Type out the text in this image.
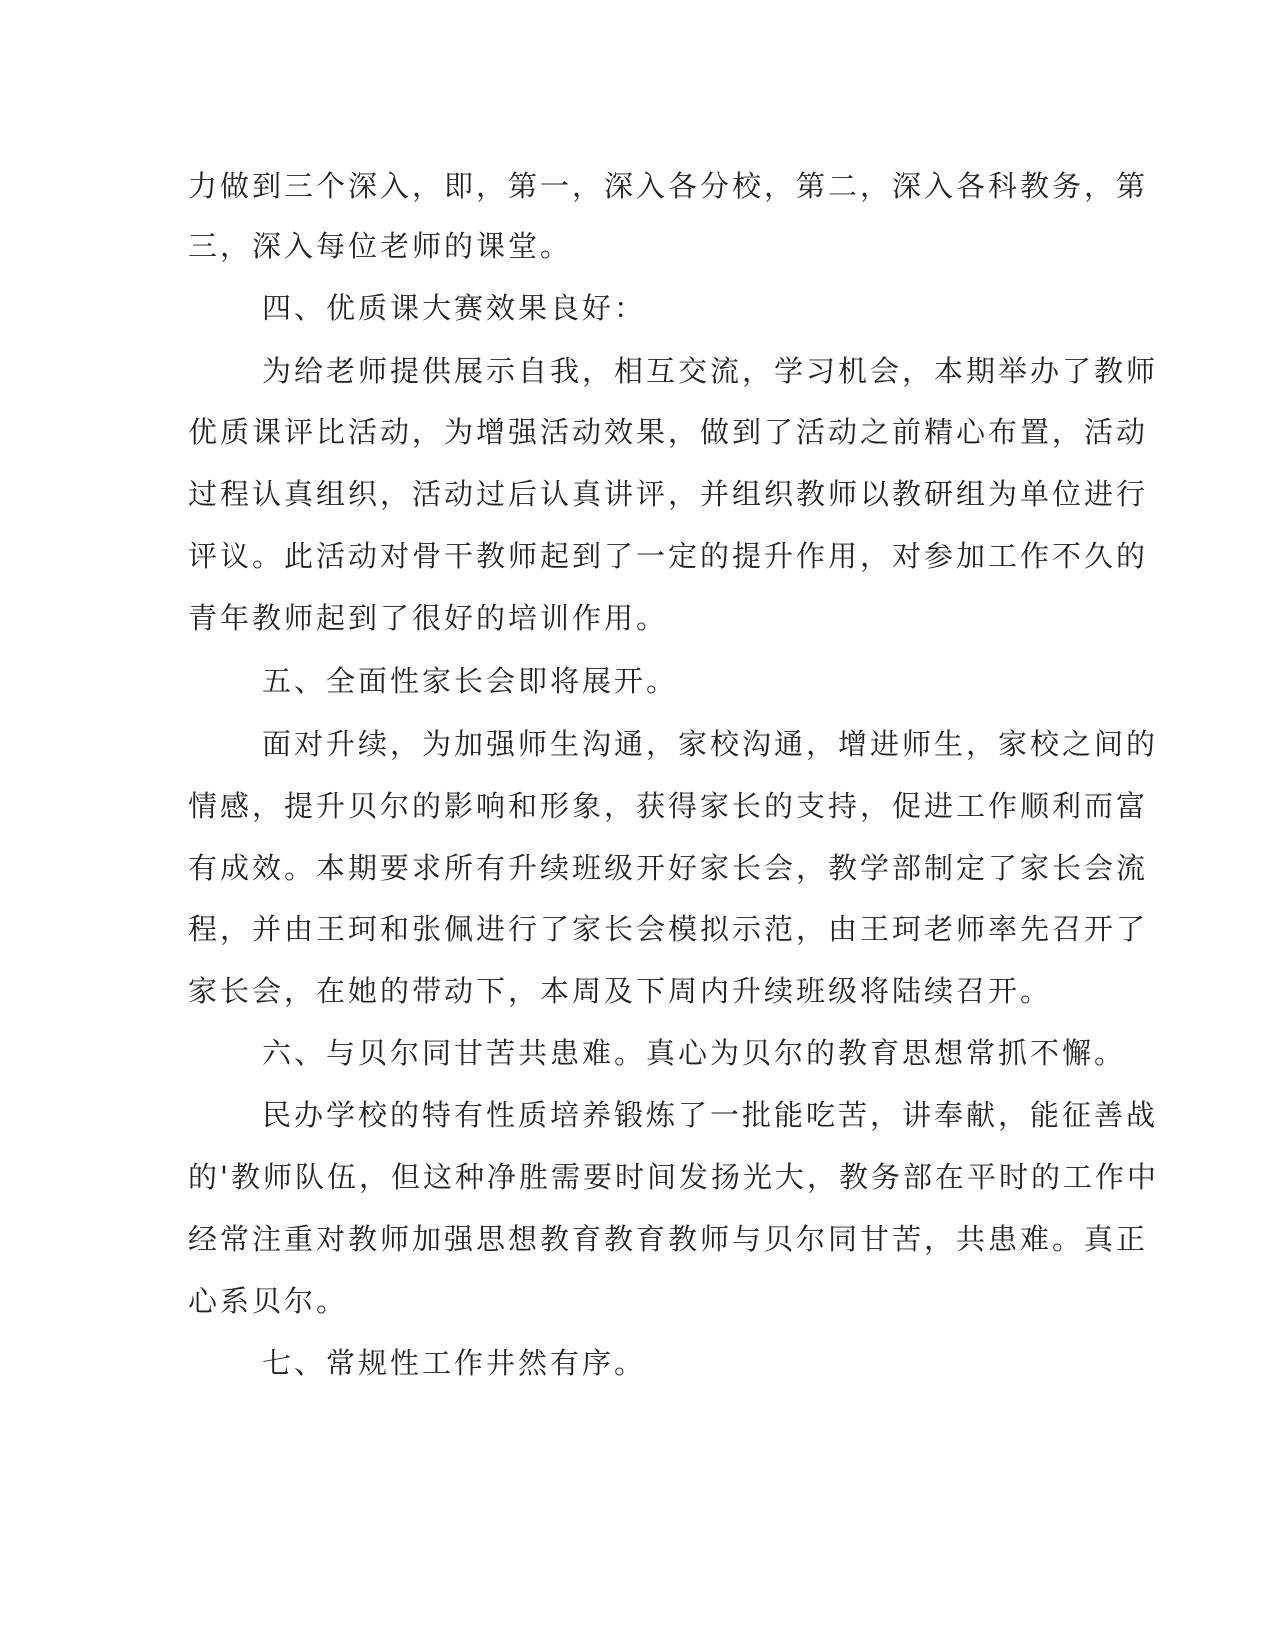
力做到三个深入，即，第一，深入各分校，第二，深入各科教务，第
三，深入每位老师的课堂。
四、优质课大赛效果良好：
为给老师提供展示自我，相互交流，学习机会，本期举办了教师
优质课评比活动，为增强活动效果，做到了活动之前精心布置，活动
过程认真组织，活动过后认真讲评，并组织教师以教研组为单位进行
评议。此活动对骨干教师起到了一定的提升作用，对参加工作不久的
青年教师起到了很好的培训作用。
五、全面性家长会即将展开。
面对升续，为加强师生沟通，家校沟通，增进师生，家校之间的
情感，提升贝尔的影响和形象，获得家长的支持，促进工作顺利而富
有成效。本期要求所有升续班级开好家长会，教学部制定了家长会流
程，并由王珂和张佩进行了家长会模拟示范，由王珂老师率先召开了
家长会，在她的带动下，本周及下周内升续班级将陆续召开。
六、与贝尔同甘苦共患难。真心为贝尔的教育思想常抓不懈。
民办学校的特有性质培养锻炼了一批能吃苦，讲奉献，能征善战
的'教师队伍，但这种净胜需要时间发扬光大，教务部在平时的工作中
经常注重对教师加强思想教育教育教师与贝尔同甘苦，共患难。真正
心系贝尔。
七、常规性工作井然有序。
